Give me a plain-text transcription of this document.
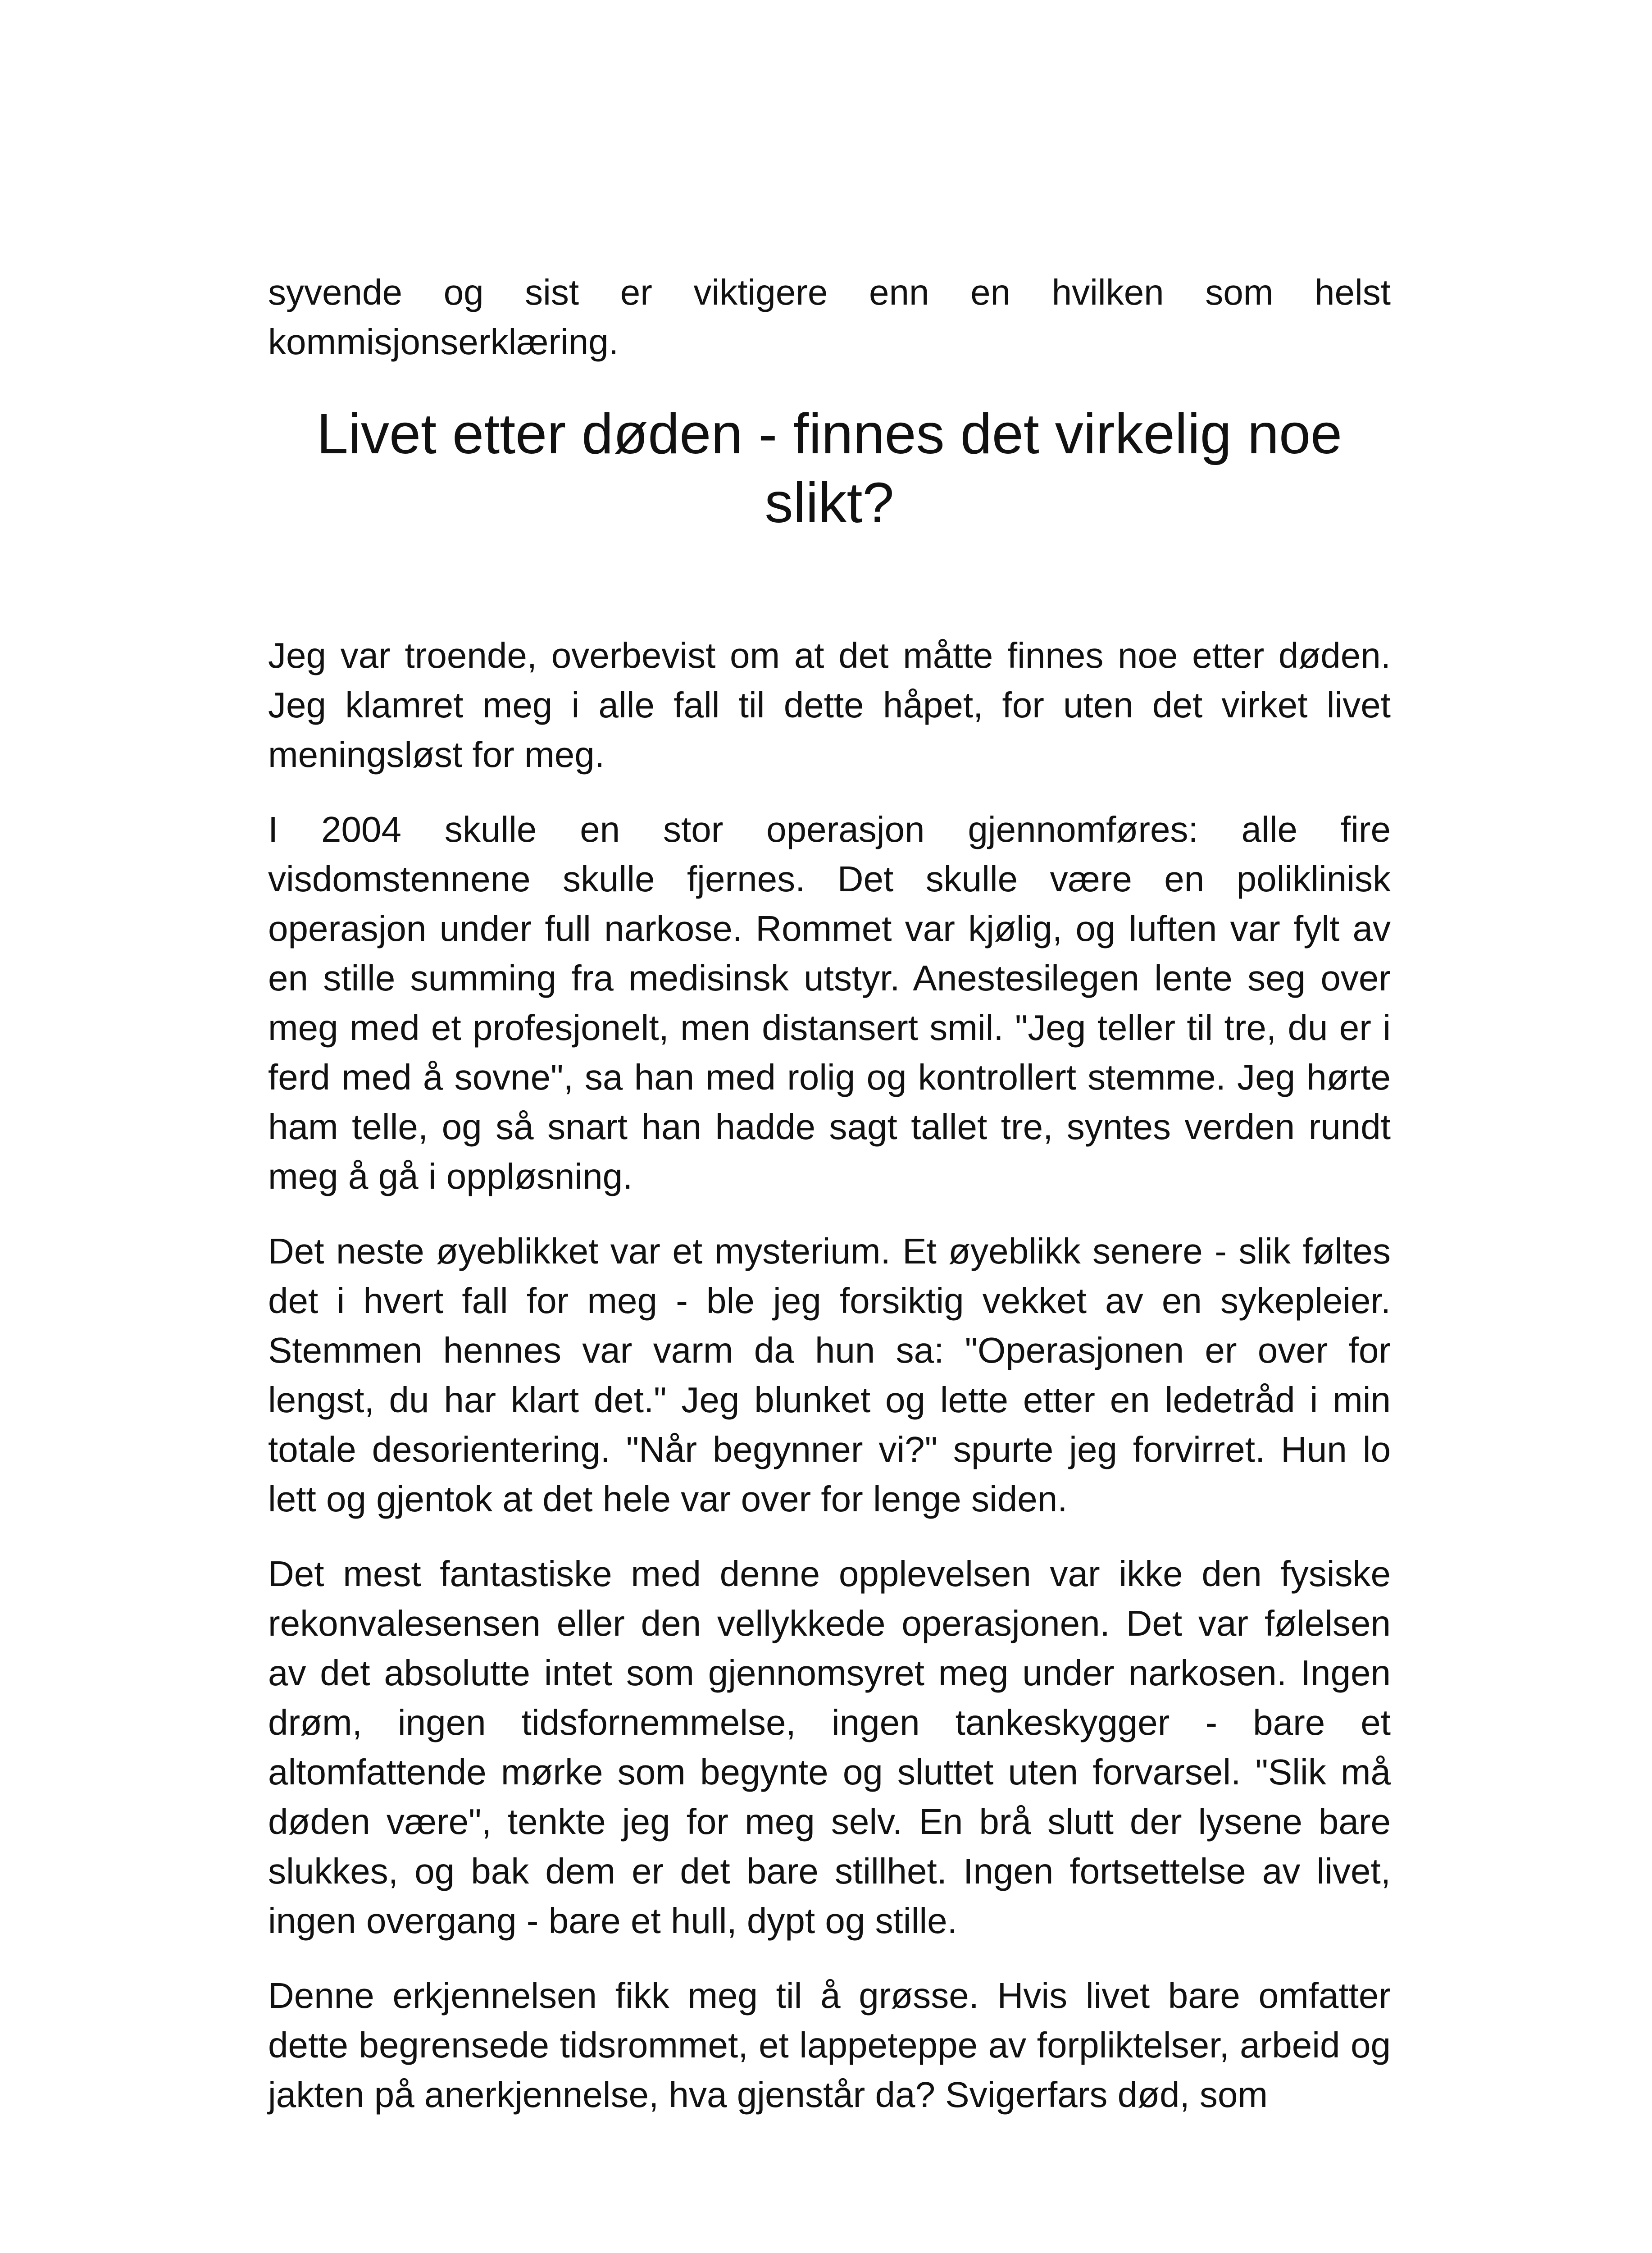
syvende og sist er viktigere enn en hvilken som helst kommisjonserklæring.

Livet etter døden - finnes det virkelig noe slikt?

Jeg var troende, overbevist om at det måtte finnes noe etter døden. Jeg klamret meg i alle fall til dette håpet, for uten det virket livet meningsløst for meg.

I 2004 skulle en stor operasjon gjennomføres: alle fire visdomstennene skulle fjernes. Det skulle være en poliklinisk operasjon under full narkose. Rommet var kjølig, og luften var fylt av en stille summing fra medisinsk utstyr. Anestesilegen lente seg over meg med et profesjonelt, men distansert smil. "Jeg teller til tre, du er i ferd med å sovne", sa han med rolig og kontrollert stemme. Jeg hørte ham telle, og så snart han hadde sagt tallet tre, syntes verden rundt meg å gå i oppløsning.

Det neste øyeblikket var et mysterium. Et øyeblikk senere - slik føltes det i hvert fall for meg - ble jeg forsiktig vekket av en sykepleier. Stemmen hennes var varm da hun sa: "Operasjonen er over for lengst, du har klart det." Jeg blunket og lette etter en ledetråd i min totale desorientering. "Når begynner vi?" spurte jeg forvirret. Hun lo lett og gjentok at det hele var over for lenge siden.

Det mest fantastiske med denne opplevelsen var ikke den fysiske rekonvalesensen eller den vellykkede operasjonen. Det var følelsen av det absolutte intet som gjennomsyret meg under narkosen. Ingen drøm, ingen tidsfornemmelse, ingen tankeskygger - bare et altomfattende mørke som begynte og sluttet uten forvarsel. "Slik må døden være", tenkte jeg for meg selv. En brå slutt der lysene bare slukkes, og bak dem er det bare stillhet. Ingen fortsettelse av livet, ingen overgang - bare et hull, dypt og stille.

Denne erkjennelsen fikk meg til å grøsse. Hvis livet bare omfatter dette begrensede tidsrommet, et lappeteppe av forpliktelser, arbeid og jakten på anerkjennelse, hva gjenstår da? Svigerfars død, som
